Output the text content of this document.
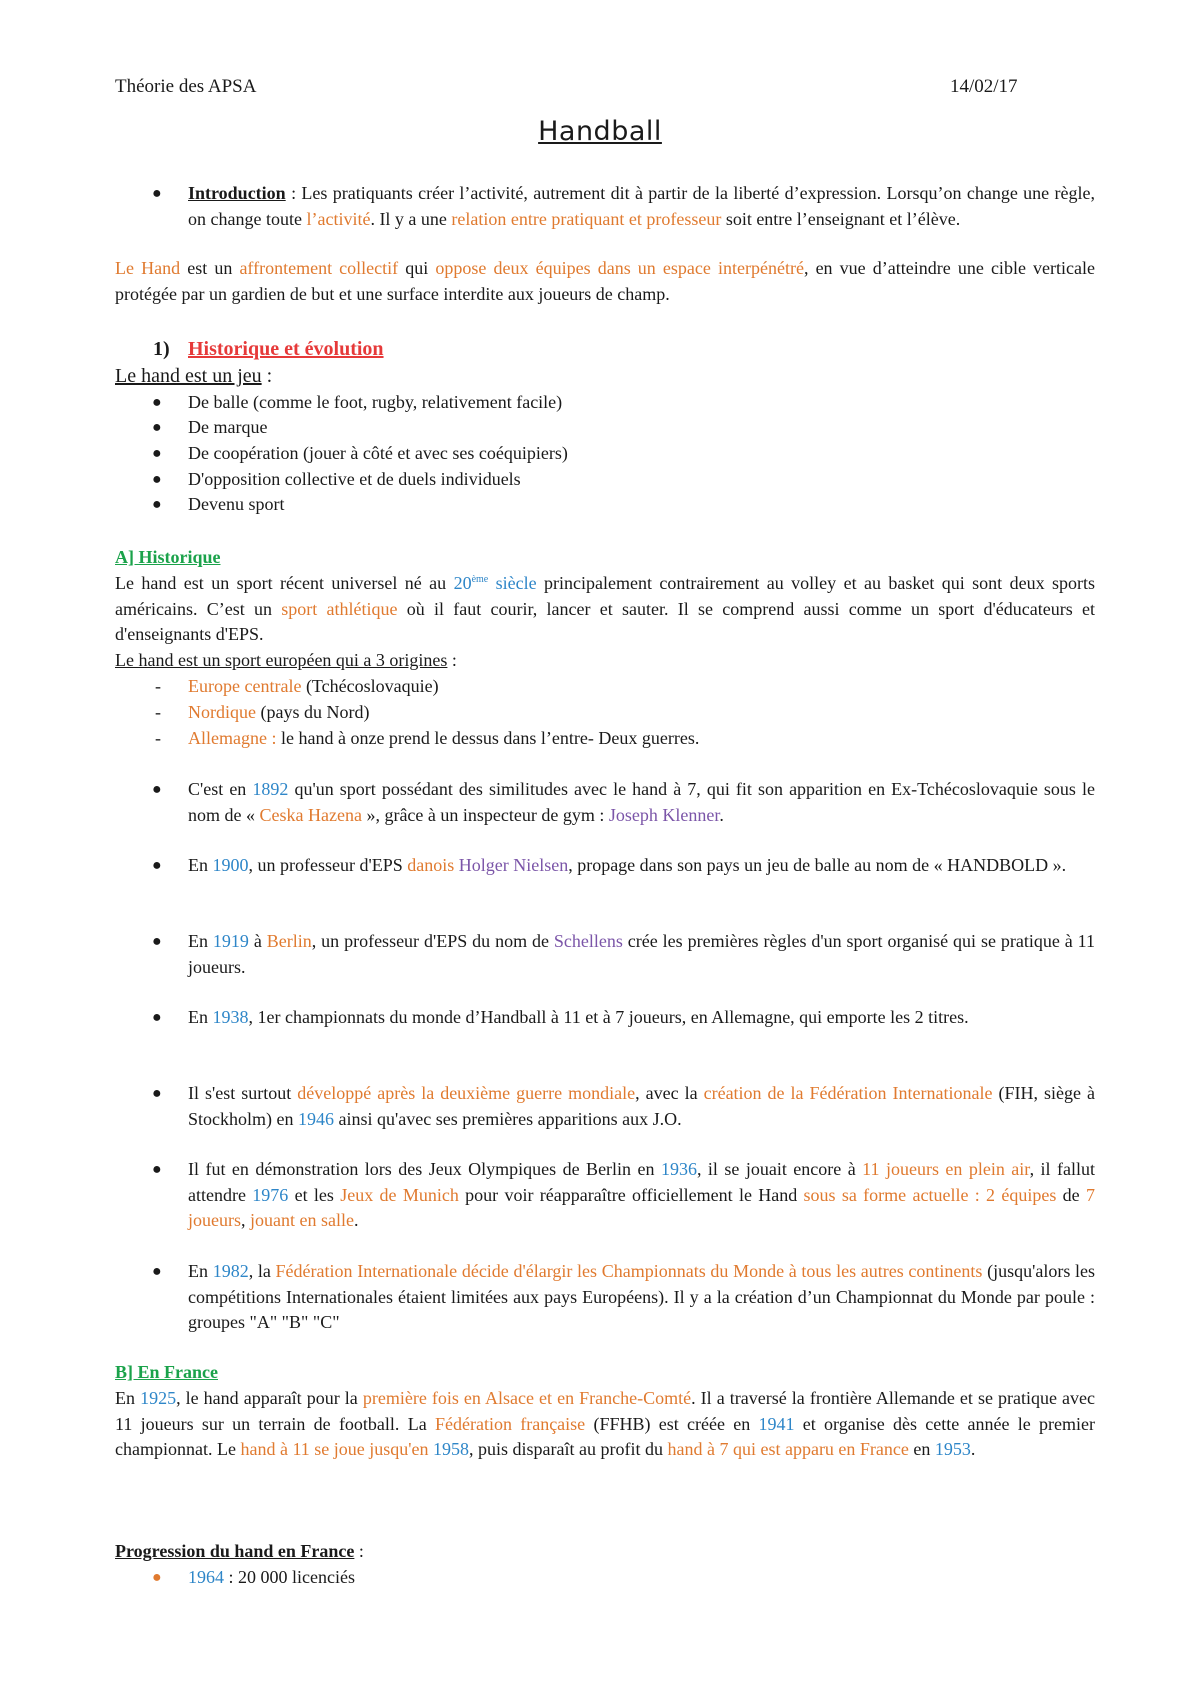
Théorie des APSA	14/02/17
Handball
● Introduction : Les pratiquants créer l’activité, autrement dit à partir de la liberté d’expression. Lorsqu’on change une règle, on change toute l’activité. Il y a une relation entre pratiquant et professeur soit entre l’enseignant et l’élève.
Le Hand est un affrontement collectif qui oppose deux équipes dans un espace interpénétré, en vue d’atteindre une cible verticale protégée par un gardien de but et une surface interdite aux joueurs de champ.
1) Historique et évolution
Le hand est un jeu :
● De balle (comme le foot, rugby, relativement facile)
● De marque
● De coopération (jouer à côté et avec ses coéquipiers)
● D'opposition collective et de duels individuels
● Devenu sport
A] Historique
Le hand est un sport récent universel né au 20ème siècle principalement contrairement au volley et au basket qui sont deux sports américains. C’est un sport athlétique où il faut courir, lancer et sauter. Il se comprend aussi comme un sport d'éducateurs et d'enseignants d'EPS.
Le hand est un sport européen qui a 3 origines :
- Europe centrale (Tchécoslovaquie)
- Nordique (pays du Nord)
- Allemagne : le hand à onze prend le dessus dans l’entre- Deux guerres.
● C'est en 1892 qu'un sport possédant des similitudes avec le hand à 7, qui fit son apparition en Ex-Tchécoslovaquie sous le nom de « Ceska Hazena », grâce à un inspecteur de gym : Joseph Klenner.
● En 1900, un professeur d'EPS danois Holger Nielsen, propage dans son pays un jeu de balle au nom de « HANDBOLD ».
● En 1919 à Berlin, un professeur d'EPS du nom de Schellens crée les premières règles d'un sport organisé qui se pratique à 11 joueurs.
● En 1938, 1er championnats du monde d’Handball à 11 et à 7 joueurs, en Allemagne, qui emporte les 2 titres.
● Il s'est surtout développé après la deuxième guerre mondiale, avec la création de la Fédération Internationale (FIH, siège à Stockholm) en 1946 ainsi qu'avec ses premières apparitions aux J.O.
● Il fut en démonstration lors des Jeux Olympiques de Berlin en 1936, il se jouait encore à 11 joueurs en plein air, il fallut attendre 1976 et les Jeux de Munich pour voir réapparaître officiellement le Hand sous sa forme actuelle : 2 équipes de 7 joueurs, jouant en salle.
● En 1982, la Fédération Internationale décide d'élargir les Championnats du Monde à tous les autres continents (jusqu'alors les compétitions Internationales étaient limitées aux pays Européens). Il y a la création d’un Championnat du Monde par poule : groupes "A" "B" "C"
B] En France
En 1925, le hand apparaît pour la première fois en Alsace et en Franche-Comté. Il a traversé la frontière Allemande et se pratique avec 11 joueurs sur un terrain de football. La Fédération française (FFHB) est créée en 1941 et organise dès cette année le premier championnat. Le hand à 11 se joue jusqu'en 1958, puis disparaît au profit du hand à 7 qui est apparu en France en 1953.
Progression du hand en France :
● 1964 : 20 000 licenciés
